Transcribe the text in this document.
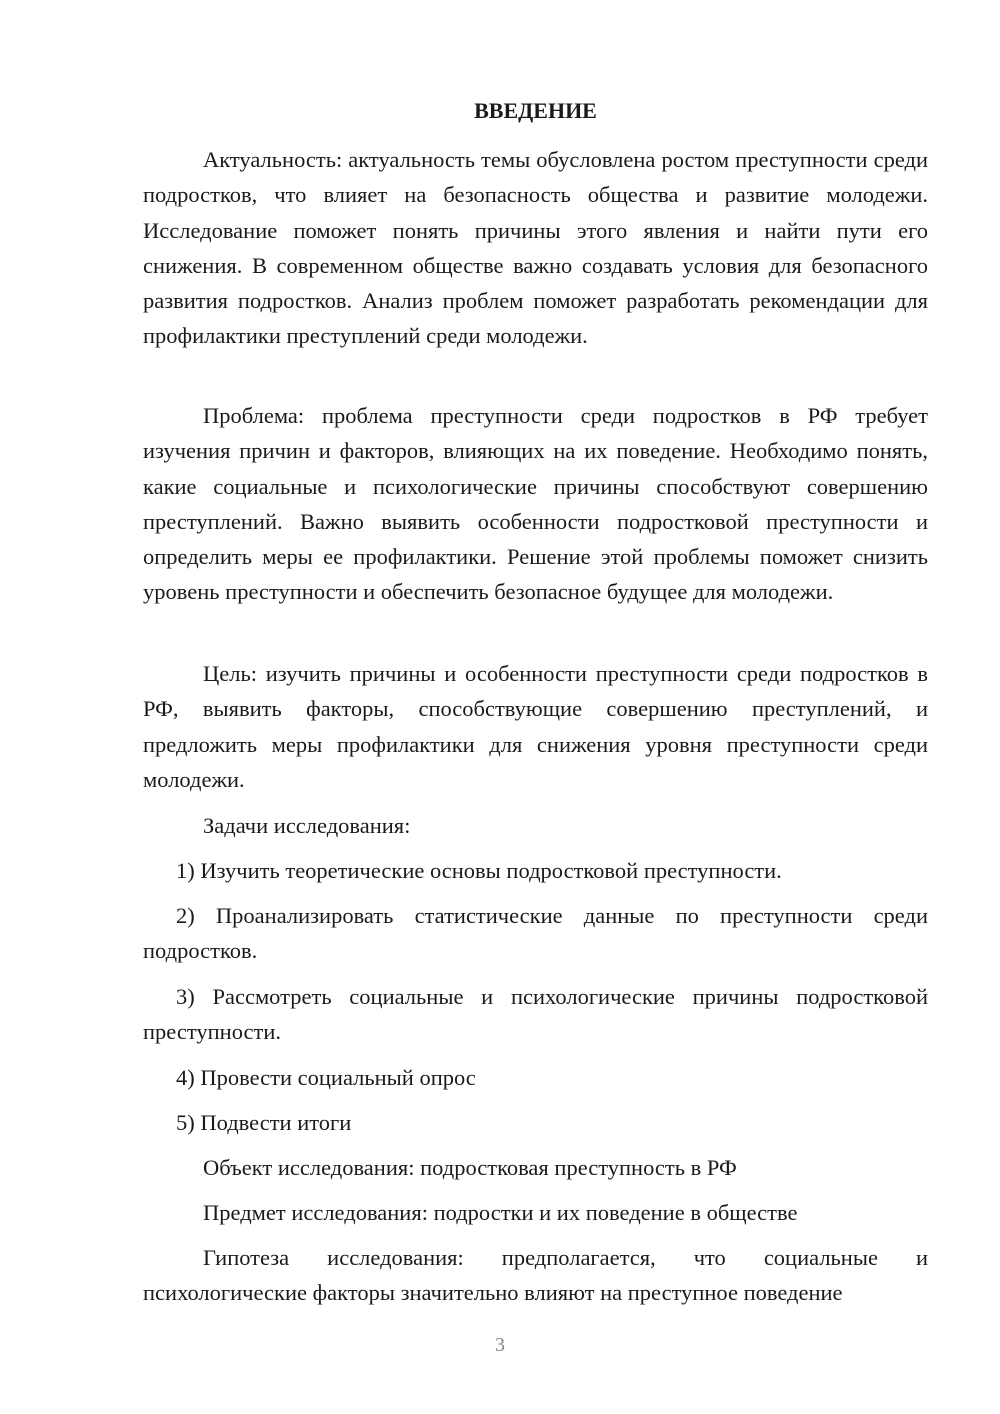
ВВЕДЕНИЕ

Актуальность: актуальность темы обусловлена ростом преступности среди подростков, что влияет на безопасность общества и развитие молодежи. Исследование поможет понять причины этого явления и найти пути его снижения. В современном обществе важно создавать условия для безопасного развития подростков. Анализ проблем поможет разработать рекомендации для профилактики преступлений среди молодежи.

Проблема: проблема преступности среди подростков в РФ требует изучения причин и факторов, влияющих на их поведение. Необходимо понять, какие социальные и психологические причины способствуют совершению преступлений. Важно выявить особенности подростковой преступности и определить меры ее профилактики. Решение этой проблемы поможет снизить уровень преступности и обеспечить безопасное будущее для молодежи.

Цель: изучить причины и особенности преступности среди подростков в РФ, выявить факторы, способствующие совершению преступлений, и предложить меры профилактики для снижения уровня преступности среди молодежи.

Задачи исследования:

1) Изучить теоретические основы подростковой преступности.

2) Проанализировать статистические данные по преступности среди подростков.

3) Рассмотреть социальные и психологические причины подростковой преступности.

4) Провести социальный опрос

5) Подвести итоги

Объект исследования: подростковая преступность в РФ

Предмет исследования: подростки и их поведение в обществе

Гипотеза исследования: предполагается, что социальные и психологические факторы значительно влияют на преступное поведение

3
